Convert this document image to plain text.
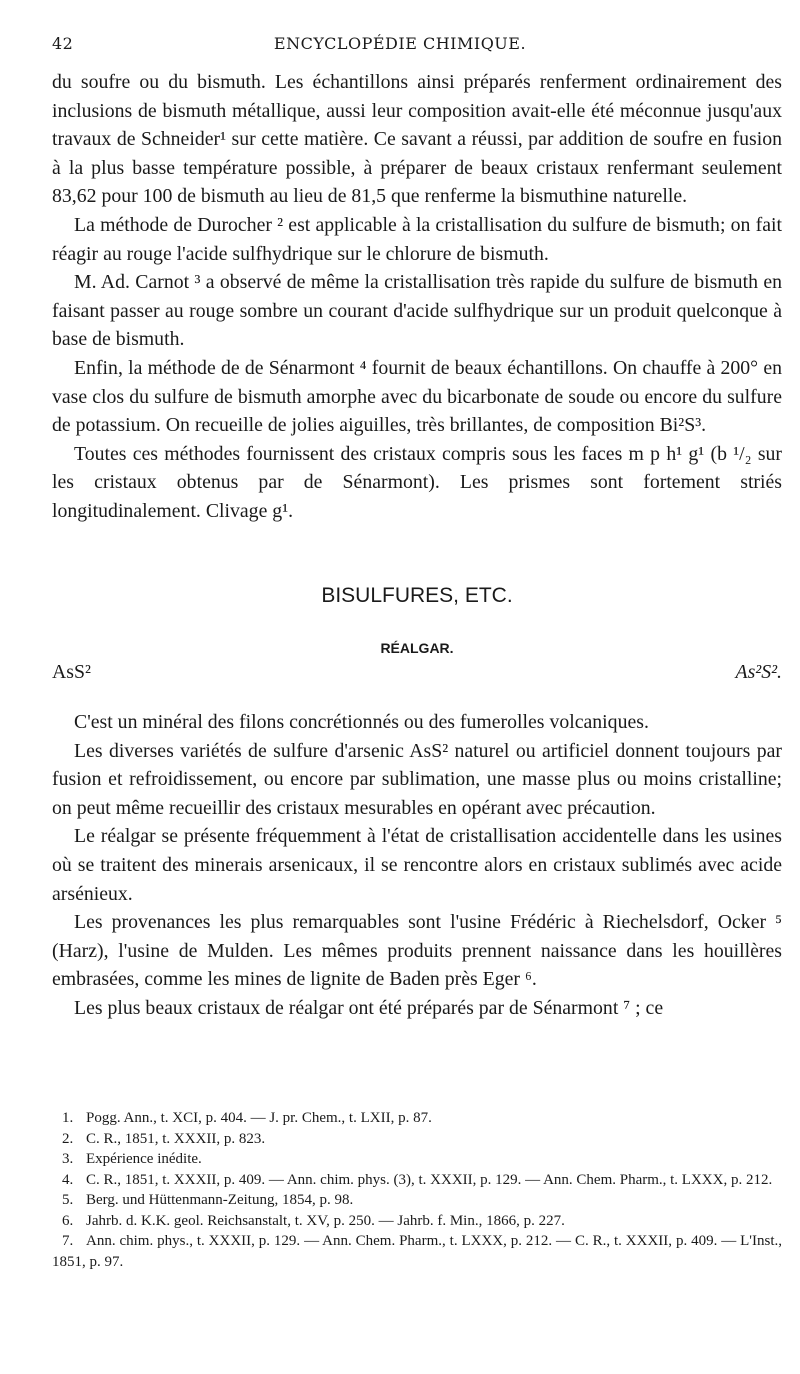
42	ENCYCLOPÉDIE CHIMIQUE.

du soufre ou du bismuth. Les échantillons ainsi préparés renferment ordinairement des inclusions de bismuth métallique, aussi leur composition avait-elle été méconnue jusqu'aux travaux de Schneider¹ sur cette matière. Ce savant a réussi, par addition de soufre en fusion à la plus basse température possible, à préparer de beaux cristaux renfermant seulement 83,62 pour 100 de bismuth au lieu de 81,5 que renferme la bismuthine naturelle.

La méthode de Durocher ² est applicable à la cristallisation du sulfure de bismuth; on fait réagir au rouge l'acide sulfhydrique sur le chlorure de bismuth.

M. Ad. Carnot ³ a observé de même la cristallisation très rapide du sulfure de bismuth en faisant passer au rouge sombre un courant d'acide sulfhydrique sur un produit quelconque à base de bismuth.

Enfin, la méthode de de Sénarmont ⁴ fournit de beaux échantillons. On chauffe à 200° en vase clos du sulfure de bismuth amorphe avec du bicarbonate de soude ou encore du sulfure de potassium. On recueille de jolies aiguilles, très brillantes, de composition Bi²S³.

Toutes ces méthodes fournissent des cristaux compris sous les faces m p h¹ g¹ (b ¹/₂ sur les cristaux obtenus par de Sénarmont). Les prismes sont fortement striés longitudinalement. Clivage g¹.

BISULFURES, ETC.
RÉALGAR.
AsS²	As²S².

C'est un minéral des filons concrétionnés ou des fumerolles volcaniques.

Les diverses variétés de sulfure d'arsenic AsS² naturel ou artificiel donnent toujours par fusion et refroidissement, ou encore par sublimation, une masse plus ou moins cristalline; on peut même recueillir des cristaux mesurables en opérant avec précaution.

Le réalgar se présente fréquemment à l'état de cristallisation accidentelle dans les usines où se traitent des minerais arsenicaux, il se rencontre alors en cristaux sublimés avec acide arsénieux.

Les provenances les plus remarquables sont l'usine Frédéric à Riechelsdorf, Ocker ⁵ (Harz), l'usine de Mulden. Les mêmes produits prennent naissance dans les houillères embrasées, comme les mines de lignite de Baden près Eger ⁶.

Les plus beaux cristaux de réalgar ont été préparés par de Sénarmont ⁷ ; ce

1. Pogg. Ann., t. XCI, p. 404. — J. pr. Chem., t. LXII, p. 87.
2. C. R., 1851, t. XXXII, p. 823.
3. Expérience inédite.
4. C. R., 1851, t. XXXII, p. 409. — Ann. chim. phys. (3), t. XXXII, p. 129. — Ann. Chem. Pharm., t. LXXX, p. 212.
5. Berg. und Hüttenmann-Zeitung, 1854, p. 98.
6. Jahrb. d. K.K. geol. Reichsanstalt, t. XV, p. 250. — Jahrb. f. Min., 1866, p. 227.
7. Ann. chim. phys., t. XXXII, p. 129. — Ann. Chem. Pharm., t. LXXX, p. 212. — C. R., t. XXXII, p. 409. — L'Inst., 1851, p. 97.
